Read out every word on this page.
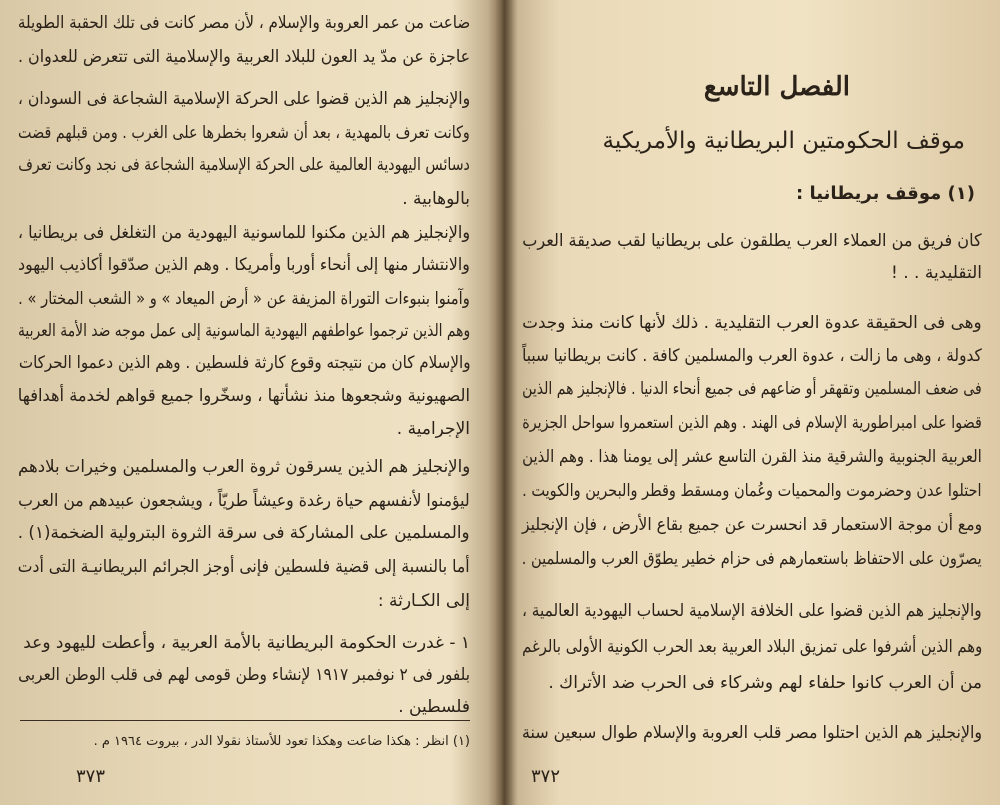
ضاعت من عمر العروبة والإسلام ، لأن مصر كانت فى تلك الحقبة الطويلة

عاجزة عن مدّ يد العون للبلاد العربية والإسلامية التى تتعرض للعدوان .

والإنجليز هم الذين قضوا على الحركة الإسلامية الشجاعة فى السودان ،

وكانت تعرف بالمهدية ، بعد أن شعروا بخطرها على الغرب . ومن قبلهم قضت

دسائس اليهودية العالمية على الحركة الإسلامية الشجاعة فى نجد وكانت تعرف

بالوهابية .

والإنجليز هم الذين مكنوا للماسونية اليهودية من التغلغل فى بريطانيا ،

والانتشار منها إلى أنحاء أوربا وأمريكا . وهم الذين صدّقوا أكاذيب اليهود

وآمنوا بنبوءات التوراة المزيفة عن « أرض الميعاد » و « الشعب المختار » .

وهم الذين ترجموا عواطفهم اليهودية الماسونية إلى عمل موجه ضد الأمة العربية

والإسلام كان من نتيجته وقوع كارثة فلسطين . وهم الذين دعموا الحركات

الصهيونية وشجعوها منذ نشأتها ، وسخّروا جميع قواهم لخدمة أهدافها

الإجرامية .

والإنجليز هم الذين يسرقون ثروة العرب والمسلمين وخيرات بلادهم

ليؤمنوا لأنفسهم حياة رغدة وعيشاً طريّاً ، ويشجعون عبيدهم من العرب

والمسلمين على المشاركة فى سرقة الثروة البترولية الضخمة(١) .

أما بالنسبة إلى قضية فلسطين فإنى أوجز الجرائم البريطانيـة التى أدت

إلى الكـارثة :

١ - غدرت الحكومة البريطانية بالأمة العربية ، وأعطت لليهود وعد

بلفور فى ٢ نوفمبر ١٩١٧ لإنشاء وطن قومى لهم فى قلب الوطن العربى

فلسطين .

(١) انظر : هكذا ضاعت وهكذا تعود للأستاذ نقولا الدر ، بيروت ١٩٦٤ م .
٣٧٣
الفصل التاسع
موقف الحكومتين البريطانية والأمريكية
(١) موقف بريطانيا :

كان فريق من العملاء العرب يطلقون على بريطانيا لقب صديقة العرب

التقليدية . . !

وهى فى الحقيقة عدوة العرب التقليدية . ذلك لأنها كانت منذ وجدت

كدولة ، وهى ما زالت ، عدوة العرب والمسلمين كافة . كانت بريطانيا سبباً

فى ضعف المسلمين وتقهقر أو ضاعهم فى جميع أنحاء الدنيا . فالإنجليز هم الذين

قضوا على امبراطورية الإسلام فى الهند . وهم الذين استعمروا سواحل الجزيرة

العربية الجنوبية والشرقية منذ القرن التاسع عشر إلى يومنا هذا . وهم الذين

احتلوا عدن وحضرموت والمحميات وعُمان ومسقط وقطر والبحرين والكويت .

ومع أن موجة الاستعمار قد انحسرت عن جميع بقاع الأرض ، فإن الإنجليز

يصرّون على الاحتفاظ باستعمارهم فى حزام خطير يطوّق العرب والمسلمين .

والإنجليز هم الذين قضوا على الخلافة الإسلامية لحساب اليهودية العالمية ،

وهم الذين أشرفوا على تمزيق البلاد العربية بعد الحرب الكونية الأولى بالرغم

من أن العرب كانوا حلفاء لهم وشركاء فى الحرب ضد الأتراك .

والإنجليز هم الذين احتلوا مصر قلب العروبة والإسلام طوال سبعين سنة

٣٧٢
